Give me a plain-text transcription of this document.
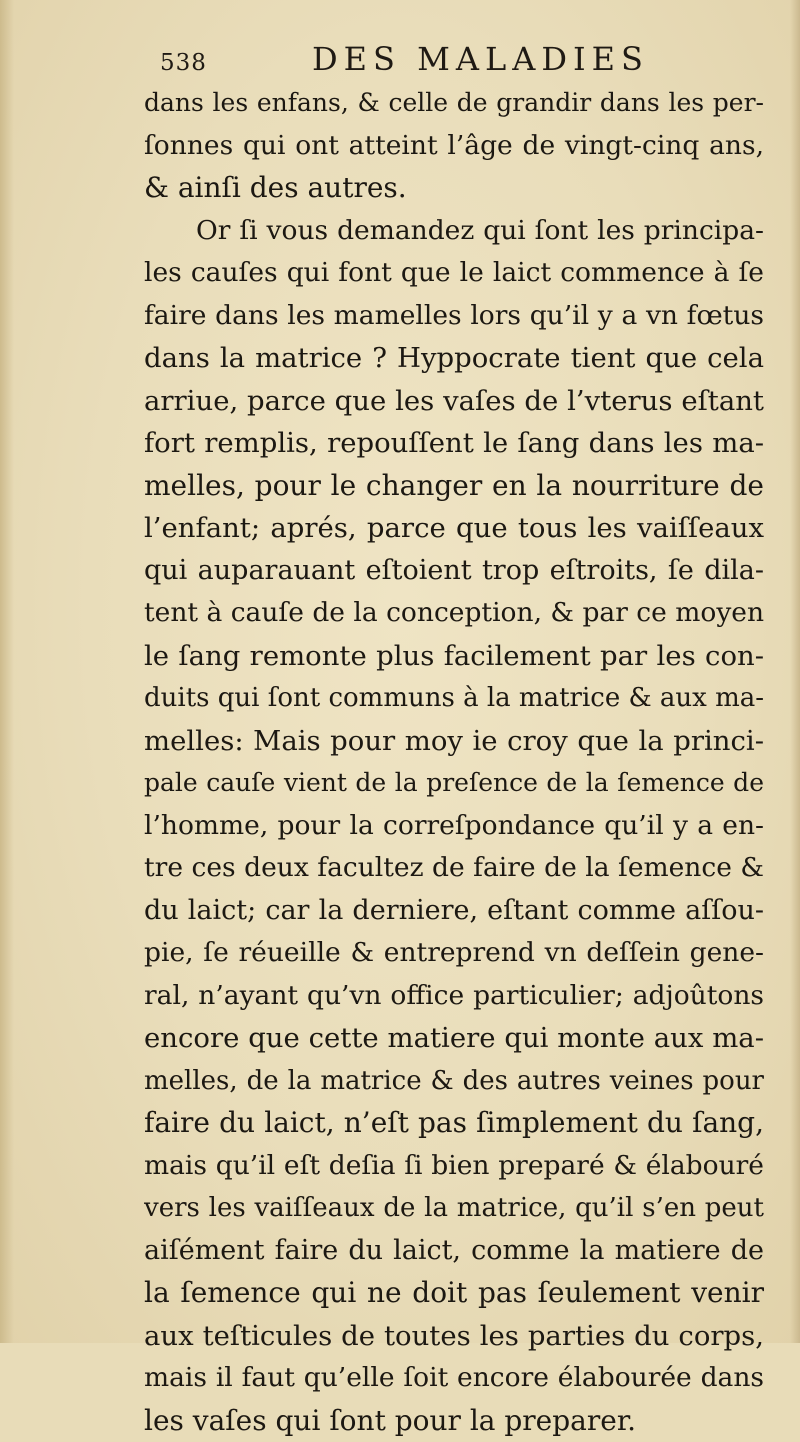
538	DES MALADIES
dans les enfans, & celle de grandir dans les per-
ſonnes qui ont atteint l’âge de vingt-cinq ans,
& ainſi des autres.
Or ſi vous demandez qui ſont les principa-
les cauſes qui font que le laict commence à ſe
faire dans les mamelles lors qu’il y a vn fœtus
dans la matrice ? Hyppocrate tient que cela
arriue, parce que les vaſes de l’vterus eſtant
fort remplis, repouſſent le ſang dans les ma-
melles, pour le changer en la nourriture de
l’enfant; aprés, parce que tous les vaiſſeaux
qui auparauant eſtoient trop eſtroits, ſe dila-
tent à cauſe de la conception, & par ce moyen
le ſang remonte plus facilement par les con-
duits qui ſont communs à la matrice & aux ma-
melles: Mais pour moy ie croy que la princi-
pale cauſe vient de la preſence de la ſemence de
l’homme, pour la correſpondance qu’il y a en-
tre ces deux facultez de faire de la ſemence &
du laict; car la derniere, eſtant comme aſſou-
pie, ſe réueille & entreprend vn deſſein gene-
ral, n’ayant qu’vn office particulier; adjoûtons
encore que cette matiere qui monte aux ma-
melles, de la matrice & des autres veines pour
faire du laict, n’eſt pas ſimplement du ſang,
mais qu’il eſt deſia ſi bien preparé & élabouré
vers les vaiſſeaux de la matrice, qu’il s’en peut
aiſément faire du laict, comme la matiere de
la ſemence qui ne doit pas ſeulement venir
aux teſticules de toutes les parties du corps,
mais il faut qu’elle ſoit encore élabourée dans
les vaſes qui ſont pour la preparer.
